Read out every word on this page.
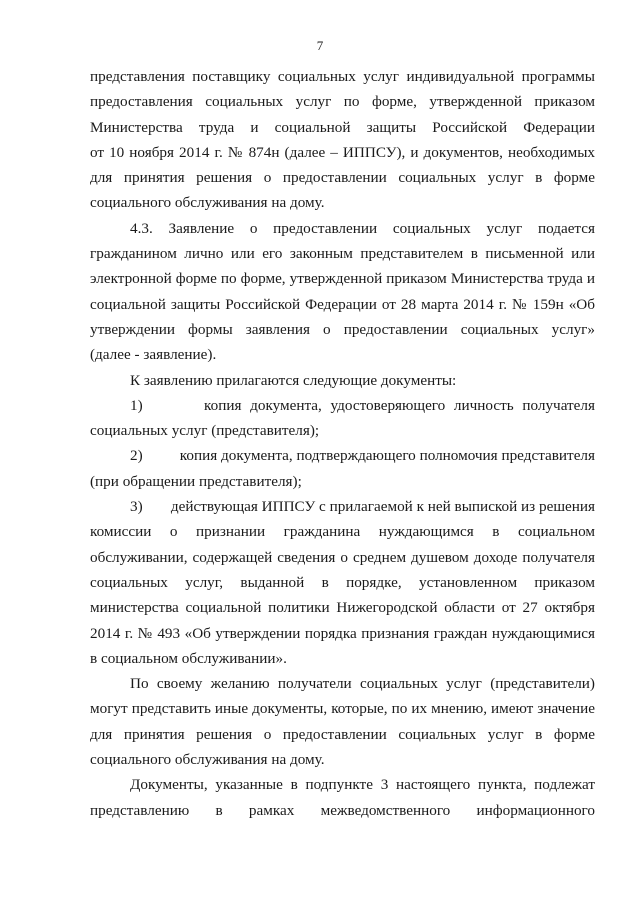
7
представления поставщику социальных услуг индивидуальной программы
предоставления социальных услуг по форме, утвержденной приказом
Министерства труда и социальной защиты Российской Федерации
от 10 ноября 2014 г. № 874н (далее – ИППСУ), и документов, необходимых
для принятия решения о предоставлении социальных услуг в форме
социального обслуживания на дому.
4.3. Заявление о предоставлении социальных услуг подается
гражданином лично или его законным представителем в письменной или
электронной форме по форме, утвержденной приказом Министерства труда и
социальной защиты Российской Федерации от 28 марта 2014 г. № 159н «Об
утверждении формы заявления о предоставлении социальных услуг»
(далее - заявление).
К заявлению прилагаются следующие документы:
1)	копия документа, удостоверяющего личность получателя
социальных услуг (представителя);
2)	копия документа, подтверждающего полномочия представителя
(при обращении представителя);
3)	действующая ИППСУ с прилагаемой к ней выпиской из решения
комиссии о признании гражданина нуждающимся в социальном
обслуживании, содержащей сведения о среднем душевом доходе получателя
социальных услуг, выданной в порядке, установленном приказом
министерства социальной политики Нижегородской области от 27 октября
2014 г. № 493 «Об утверждении порядка признания граждан нуждающимися
в социальном обслуживании».
По своему желанию получатели социальных услуг (представители)
могут представить иные документы, которые, по их мнению, имеют значение
для принятия решения о предоставлении социальных услуг в форме
социального обслуживания на дому.
Документы, указанные в подпункте 3 настоящего пункта, подлежат
представлению в рамках межведомственного информационного
